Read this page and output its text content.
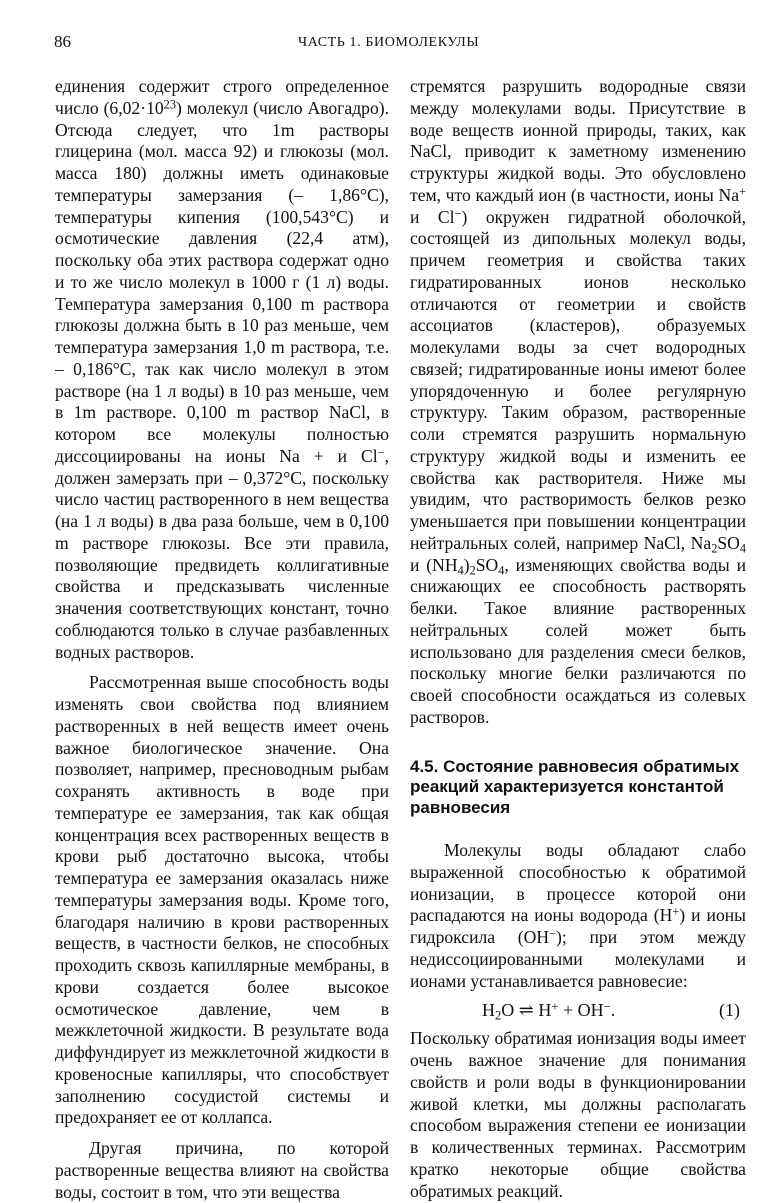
86	ЧАСТЬ 1. БИОМОЛЕКУЛЫ

единения содержит строго определенное число $(6,02\cdot 10^{23})$ молекул (число Авогадро). Отсюда следует, что 1m растворы глицерина (мол. масса 92) и глюкозы (мол. масса 180) должны иметь одинаковые температуры замерзания (– 1,86°С), температуры кипения (100,543°С) и осмотические давления (22,4 атм), поскольку оба этих раствора содержат одно и то же число молекул в 1000 г (1 л) воды. Температура замерзания 0,100 m раствора глюкозы должна быть в 10 раз меньше, чем температура замерзания 1,0 m раствора, т.е. – 0,186°С, так как число молекул в этом растворе (на 1 л воды) в 10 раз меньше, чем в 1m растворе. 0,100 m раствор NaCl, в котором все молекулы полностью диссоциированы на ионы Na + и Cl−, должен замерзать при – 0,372°С, поскольку число частиц растворенного в нем вещества (на 1 л воды) в два раза больше, чем в 0,100 m растворе глюкозы. Все эти правила, позволяющие предвидеть коллигативные свойства и предсказывать численные значения соответствующих констант, точно соблюдаются только в случае разбавленных водных растворов.

Рассмотренная выше способность воды изменять свои свойства под влиянием растворенных в ней веществ имеет очень важное биологическое значение. Она позволяет, например, пресноводным рыбам сохранять активность в воде при температуре ее замерзания, так как общая концентрация всех растворенных веществ в крови рыб достаточно высока, чтобы температура ее замерзания оказалась ниже температуры замерзания воды. Кроме того, благодаря наличию в крови растворенных веществ, в частности белков, не способных проходить сквозь капиллярные мембраны, в крови создается более высокое осмотическое давление, чем в межклеточной жидкости. В результате вода диффундирует из межклеточной жидкости в кровеносные капилляры, что способствует заполнению сосудистой системы и предохраняет ее от коллапса.

Другая причина, по которой растворенные вещества влияют на свойства воды, состоит в том, что эти вещества

стремятся разрушить водородные связи между молекулами воды. Присутствие в воде веществ ионной природы, таких, как NaCl, приводит к заметному изменению структуры жидкой воды. Это обусловлено тем, что каждый ион (в частности, ионы Na+ и Cl−) окружен гидратной оболочкой, состоящей из дипольных молекул воды, причем геометрия и свойства таких гидратированных ионов несколько отличаются от геометрии и свойств ассоциатов (кластеров), образуемых молекулами воды за счет водородных связей; гидратированные ионы имеют более упорядоченную и более регулярную структуру. Таким образом, растворенные соли стремятся разрушить нормальную структуру жидкой воды и изменить ее свойства как растворителя. Ниже мы увидим, что растворимость белков резко уменьшается при повышении концентрации нейтральных солей, например NaCl, $Na_2SO_4$ и $(NH_4)_2SO_4$, изменяющих свойства воды и снижающих ее способность растворять белки. Такое влияние растворенных нейтральных солей может быть использовано для разделения смеси белков, поскольку многие белки различаются по своей способности осаждаться из солевых растворов.

4.5. Состояние равновесия обратимых реакций характеризуется константой равновесия

Молекулы воды обладают слабо выраженной способностью к обратимой ионизации, в процессе которой они распадаются на ионы водорода (H+) и ионы гидроксила (OH−); при этом между недиссоциированными молекулами и ионами устанавливается равновесие:

$H_2O$ ⇌ H+ + OH−.	(1)

Поскольку обратимая ионизация воды имеет очень важное значение для понимания свойств и роли воды в функционировании живой клетки, мы должны располагать способом выражения степени ее ионизации в количественных терминах. Рассмотрим кратко некоторые общие свойства обратимых реакций.
